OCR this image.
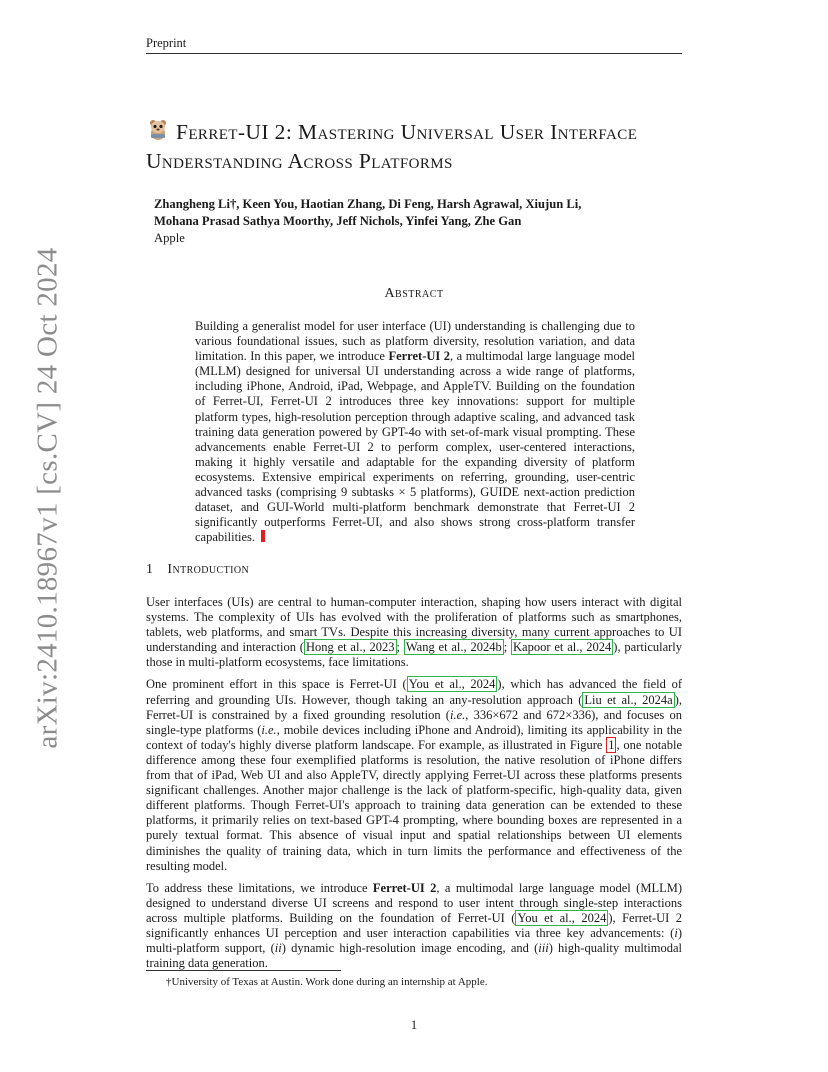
Preprint
arXiv:2410.18967v1 [cs.CV] 24 Oct 2024
Ferret-UI 2: Mastering Universal User Interface Understanding Across Platforms
Zhangheng Li†, Keen You, Haotian Zhang, Di Feng, Harsh Agrawal, Xiujun Li,
Mohana Prasad Sathya Moorthy, Jeff Nichols, Yinfei Yang, Zhe Gan
Apple
Abstract

Building a generalist model for user interface (UI) understanding is challenging due to various foundational issues, such as platform diversity, resolution variation, and data limitation. In this paper, we introduce Ferret-UI 2, a multimodal large language model (MLLM) designed for universal UI understanding across a wide range of platforms, including iPhone, Android, iPad, Webpage, and AppleTV. Building on the foundation of Ferret-UI, Ferret-UI 2 introduces three key innovations: support for multiple platform types, high-resolution perception through adaptive scaling, and advanced task training data generation powered by GPT-4o with set-of-mark visual prompting. These advancements enable Ferret-UI 2 to perform complex, user-centered interactions, making it highly versatile and adaptable for the expanding diversity of platform ecosystems. Extensive empirical experiments on referring, grounding, user-centric advanced tasks (comprising 9 subtasks × 5 platforms), GUIDE next-action prediction dataset, and GUI-World multi-platform benchmark demonstrate that Ferret-UI 2 significantly outperforms Ferret-UI, and also shows strong cross-platform transfer capabilities.

1 Introduction

User interfaces (UIs) are central to human-computer interaction, shaping how users interact with digital systems. The complexity of UIs has evolved with the proliferation of platforms such as smartphones, tablets, web platforms, and smart TVs. Despite this increasing diversity, many current approaches to UI understanding and interaction ( Hong et al., 2023 ; Wang et al., 2024b ; Kapoor et al., 2024 ), particularly those in multi-platform ecosystems, face limitations.

One prominent effort in this space is Ferret-UI ( You et al., 2024 ), which has advanced the field of referring and grounding UIs. However, though taking an any-resolution approach ( Liu et al., 2024a ), Ferret-UI is constrained by a fixed grounding resolution (i.e., 336×672 and 672×336), and focuses on single-type platforms (i.e., mobile devices including iPhone and Android), limiting its applicability in the context of today's highly diverse platform landscape. For example, as illustrated in Figure 1 , one notable difference among these four exemplified platforms is resolution, the native resolution of iPhone differs from that of iPad, Web UI and also AppleTV, directly applying Ferret-UI across these platforms presents significant challenges. Another major challenge is the lack of platform-specific, high-quality data, given different platforms. Though Ferret-UI's approach to training data generation can be extended to these platforms, it primarily relies on text-based GPT-4 prompting, where bounding boxes are represented in a purely textual format. This absence of visual input and spatial relationships between UI elements diminishes the quality of training data, which in turn limits the performance and effectiveness of the resulting model.

To address these limitations, we introduce Ferret-UI 2, a multimodal large language model (MLLM) designed to understand diverse UI screens and respond to user intent through single-step interactions across multiple platforms. Building on the foundation of Ferret-UI ( You et al., 2024 ), Ferret-UI 2 significantly enhances UI perception and user interaction capabilities via three key advancements: (i) multi-platform support, (ii) dynamic high-resolution image encoding, and (iii) high-quality multimodal training data generation.

†University of Texas at Austin. Work done during an internship at Apple.
1
